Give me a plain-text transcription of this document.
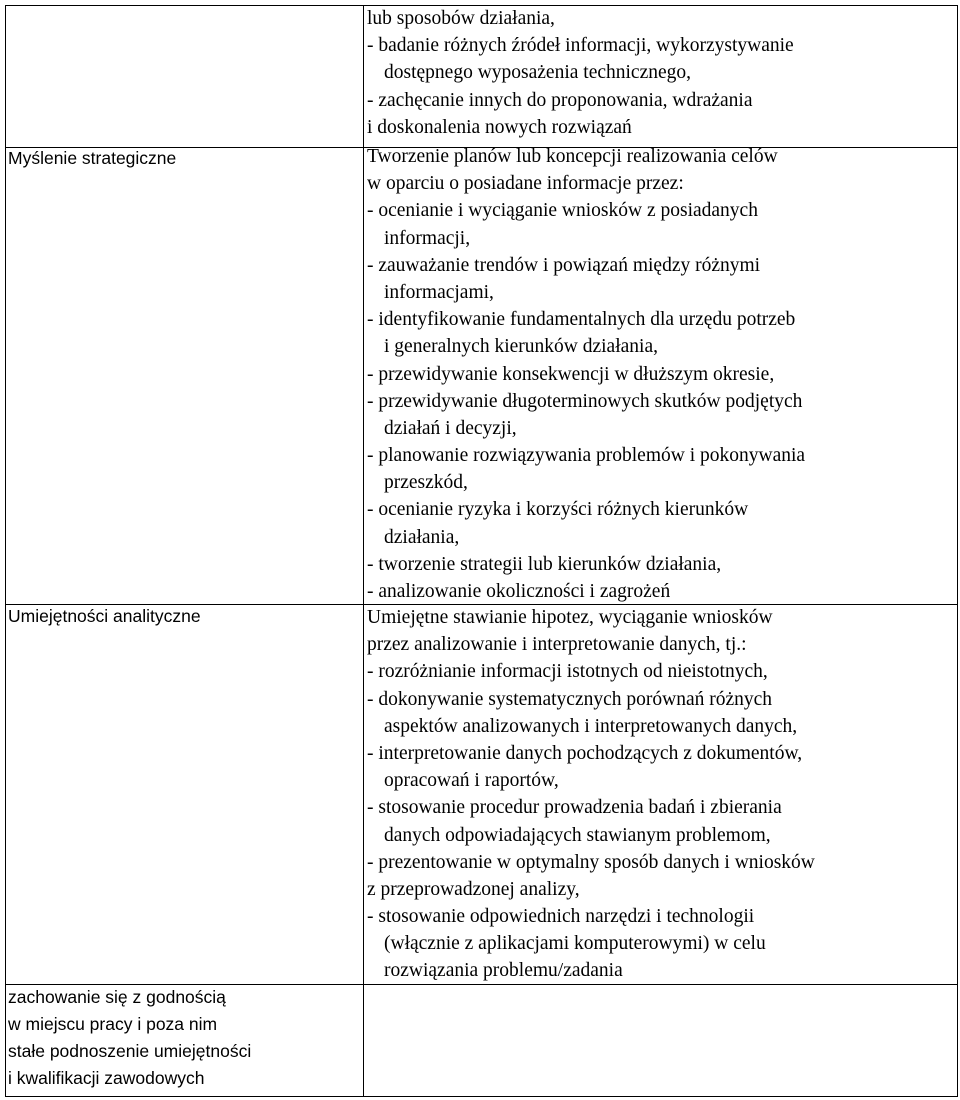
lub sposobów działania,
- badanie różnych źródeł informacji, wykorzystywanie
dostępnego wyposażenia technicznego,
- zachęcanie innych do proponowania, wdrażania
i doskonalenia nowych rozwiązań
Myślenie strategiczne	Tworzenie planów lub koncepcji realizowania celów
w oparciu o posiadane informacje przez:
- ocenianie i wyciąganie wniosków z posiadanych
informacji,
- zauważanie trendów i powiązań między różnymi
informacjami,
- identyfikowanie fundamentalnych dla urzędu potrzeb
i generalnych kierunków działania,
- przewidywanie konsekwencji w dłuższym okresie,
- przewidywanie długoterminowych skutków podjętych
działań i decyzji,
- planowanie rozwiązywania problemów i pokonywania
przeszkód,
- ocenianie ryzyka i korzyści różnych kierunków
działania,
- tworzenie strategii lub kierunków działania,
- analizowanie okoliczności i zagrożeń
Umiejętności analityczne	Umiejętne stawianie hipotez, wyciąganie wniosków
przez analizowanie i interpretowanie danych, tj.:
- rozróżnianie informacji istotnych od nieistotnych,
- dokonywanie systematycznych porównań różnych
aspektów analizowanych i interpretowanych danych,
- interpretowanie danych pochodzących z dokumentów,
opracowań i raportów,
- stosowanie procedur prowadzenia badań i zbierania
danych odpowiadających stawianym problemom,
- prezentowanie w optymalny sposób danych i wniosków
z przeprowadzonej analizy,
- stosowanie odpowiednich narzędzi i technologii
(włącznie z aplikacjami komputerowymi) w celu
rozwiązania problemu/zadania
zachowanie się z godnością
w miejscu pracy i poza nim
stałe podnoszenie umiejętności
i kwalifikacji zawodowych
